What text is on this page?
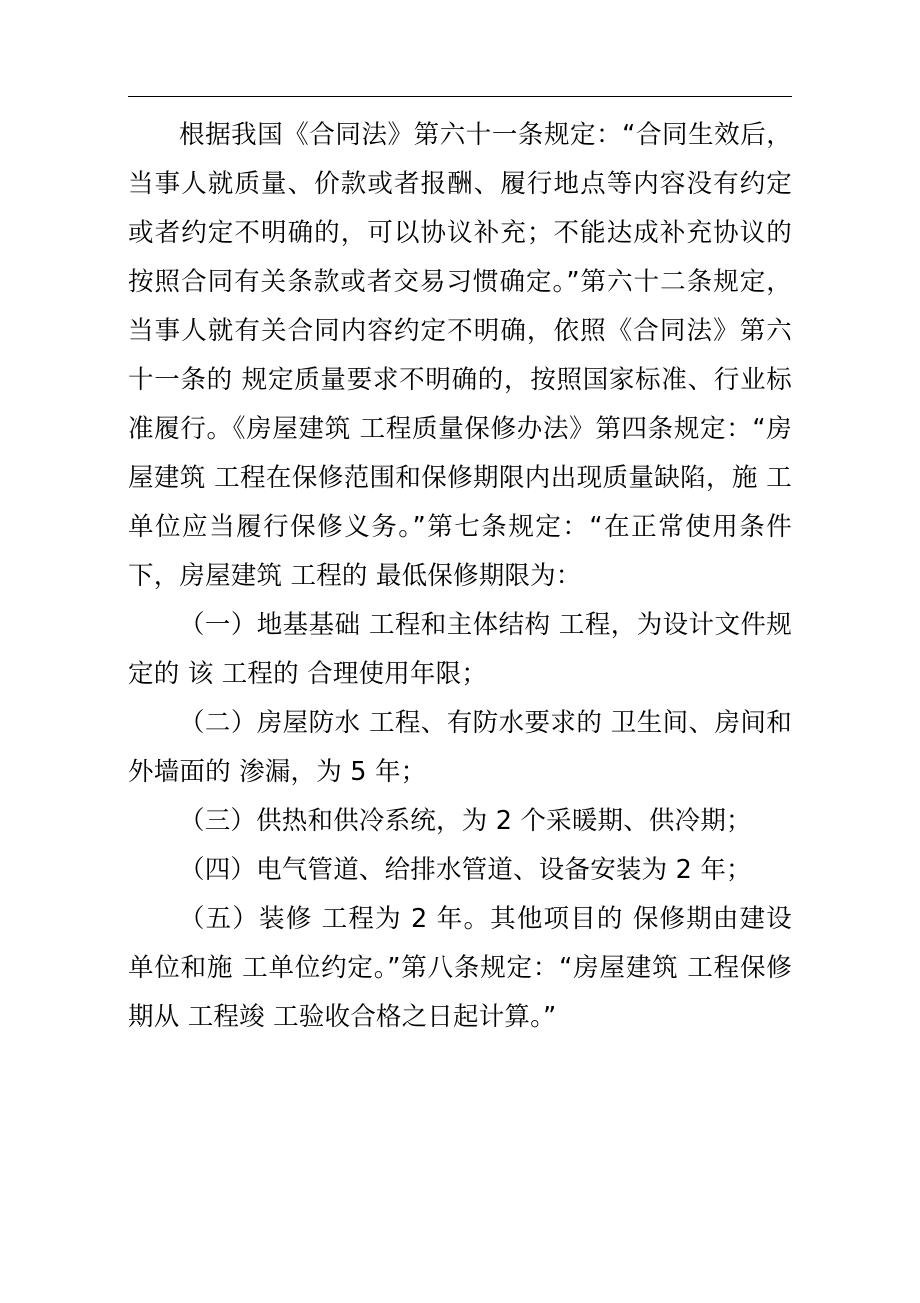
根据我国《合同法》第六十一条规定：“合同生效后，当事人就质量、价款或者报酬、履行地点等内容没有约定或者约定不明确的，可以协议补充；不能达成补充协议的 按照合同有关条款或者交易习惯确定。”第六十二条规定，当事人就有关合同内容约定不明确，依照《合同法》第六十一条的 规定质量要求不明确的，按照国家标准、行业标准履行。《房屋建筑 工程质量保修办法》第四条规定：“房屋建筑 工程在保修范围和保修期限内出现质量缺陷，施 工单位应当履行保修义务。”第七条规定：“在正常使用条件下，房屋建筑 工程的 最低保修期限为：

（一）地基基础 工程和主体结构 工程，为设计文件规定的 该 工程的 合理使用年限；

（二）房屋防水 工程、有防水要求的 卫生间、房间和外墙面的 渗漏，为 5 年；

（三）供热和供冷系统，为 2 个采暖期、供冷期；

（四）电气管道、给排水管道、设备安装为 2 年；

（五）装修 工程为 2 年。其他项目的 保修期由建设单位和施 工单位约定。”第八条规定：“房屋建筑 工程保修期从 工程竣 工验收合格之日起计算。”
